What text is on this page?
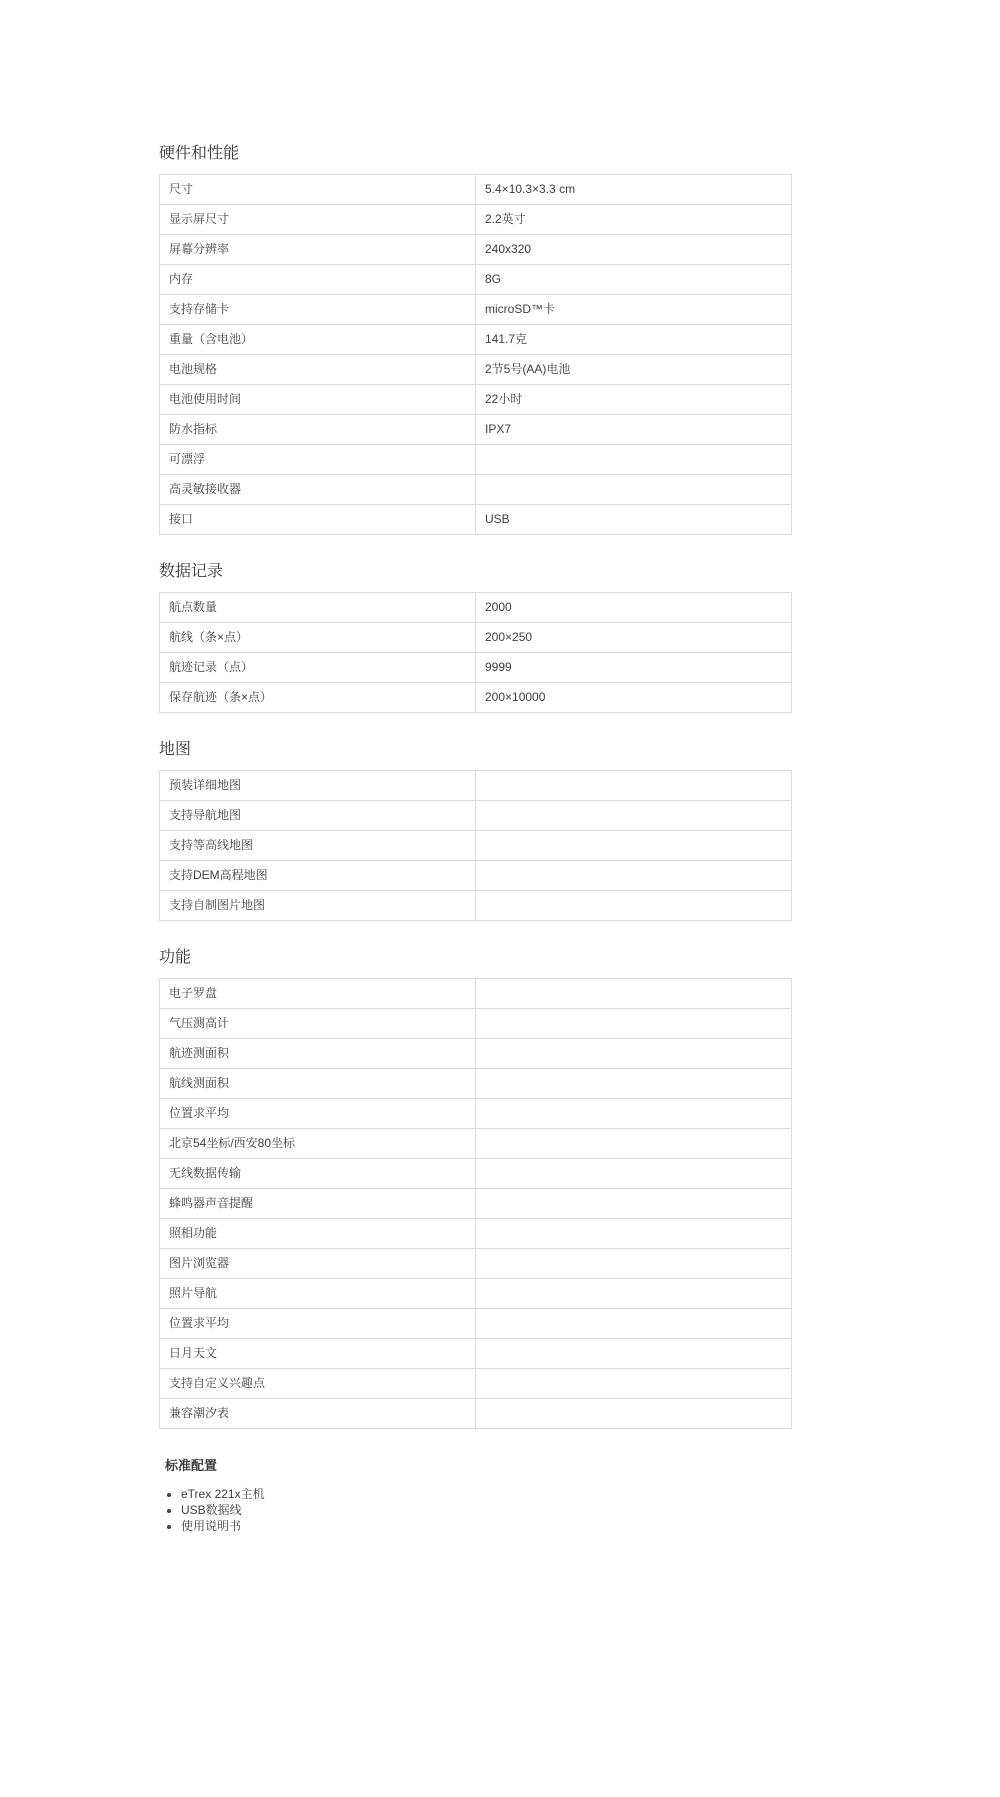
硬件和性能
尺寸	5.4×10.3×3.3 cm
显示屏尺寸	2.2英寸
屏幕分辨率	240x320
内存	8G
支持存储卡	microSD™卡
重量（含电池）	141.7克
电池规格	2节5号(AA)电池
电池使用时间	22小时
防水指标	IPX7
可漂浮	
高灵敏接收器	
接口	USB
数据记录
航点数量	2000
航线（条×点）	200×250
航迹记录（点）	9999
保存航迹（条×点）	200×10000
地图
预装详细地图	
支持导航地图	
支持等高线地图	
支持DEM高程地图	
支持自制图片地图	
功能
电子罗盘	
气压测高计	
航迹测面积	
航线测面积	
位置求平均	
北京54坐标/西安80坐标	
无线数据传输	
蜂鸣器声音提醒	
照相功能	
图片浏览器	
照片导航	
位置求平均	
日月天文	
支持自定义兴趣点	
兼容潮汐表	
标准配置
• eTrex 221x主机
• USB数据线
• 使用说明书
